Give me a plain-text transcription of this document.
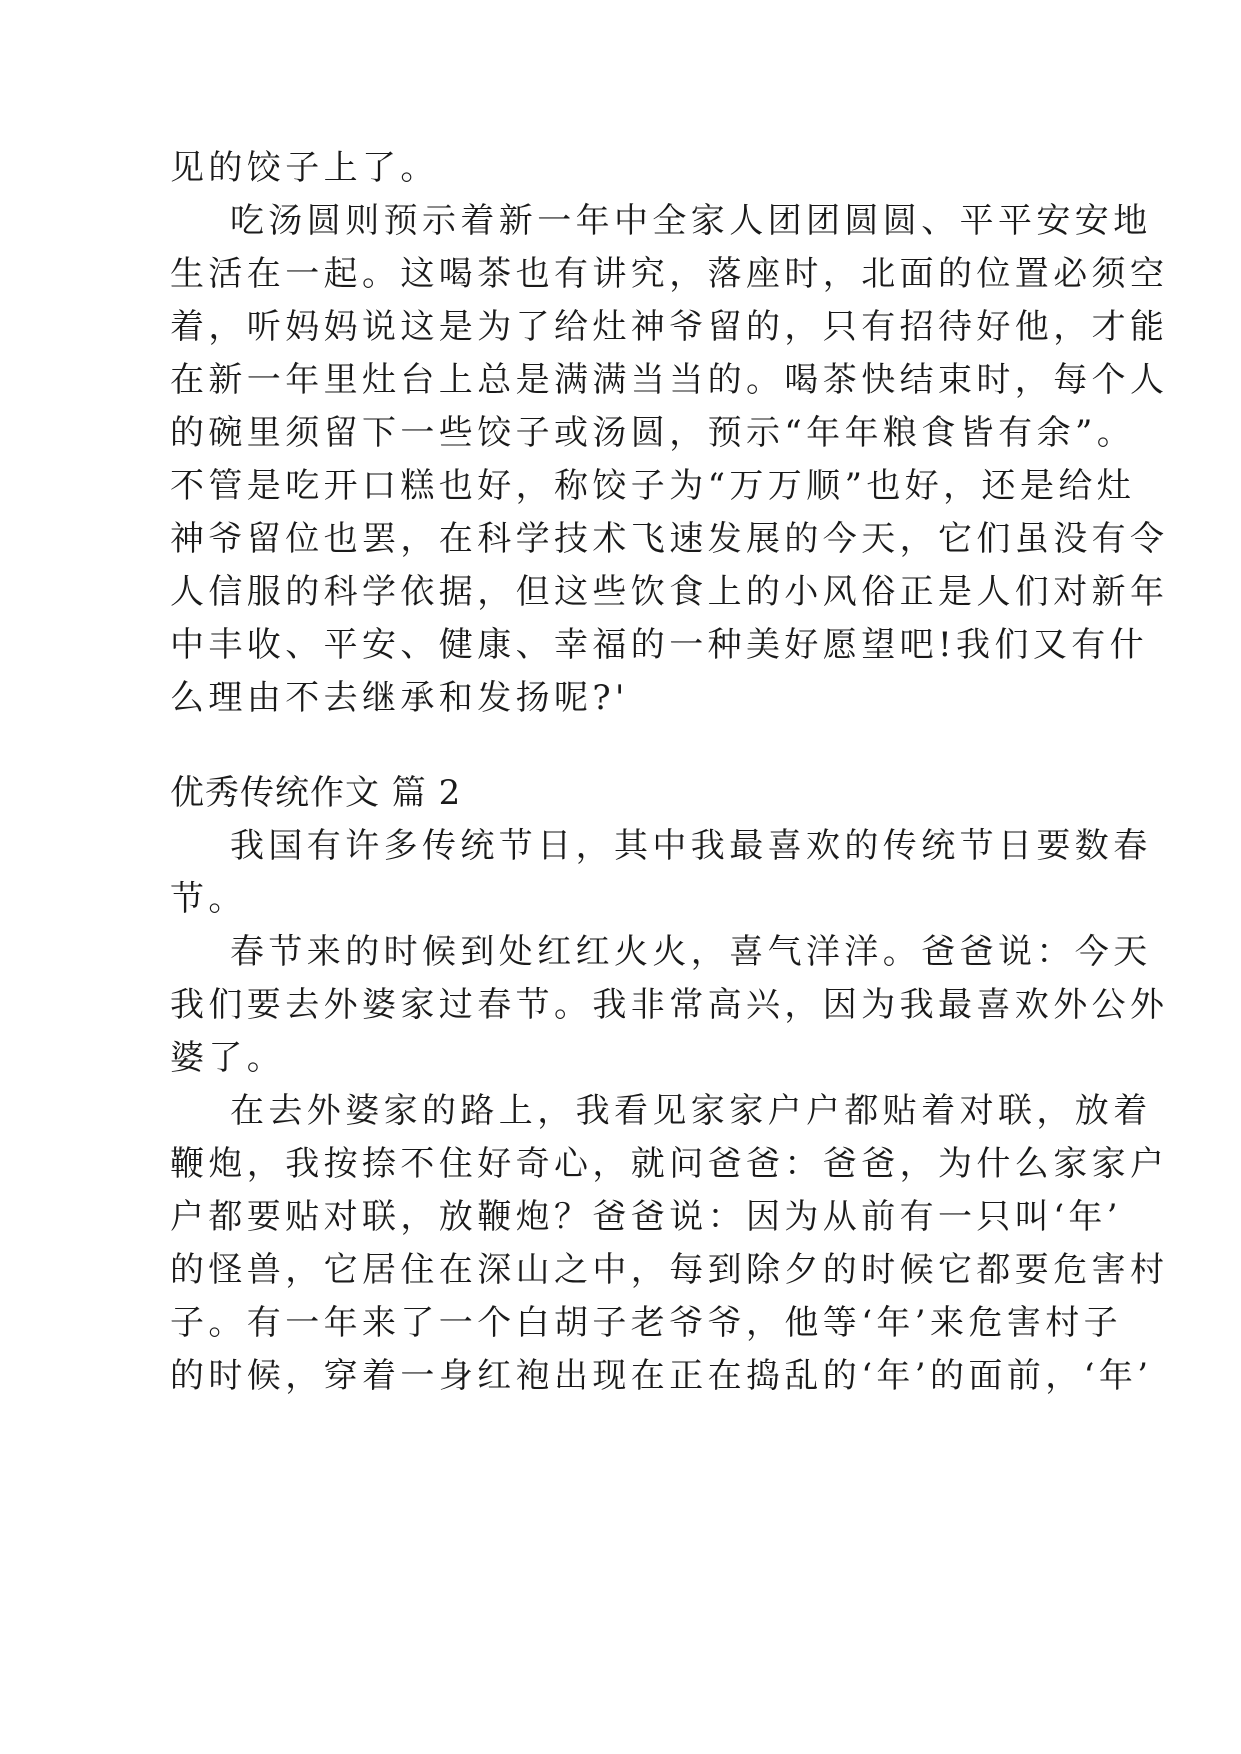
见的饺子上了。
吃汤圆则预示着新一年中全家人团团圆圆、平平安安地
生活在一起。这喝茶也有讲究，落座时，北面的位置必须空
着，听妈妈说这是为了给灶神爷留的，只有招待好他，才能
在新一年里灶台上总是满满当当的。喝茶快结束时，每个人
的碗里须留下一些饺子或汤圆，预示“年年粮食皆有余”。
不管是吃开口糕也好，称饺子为“万万顺”也好，还是给灶
神爷留位也罢，在科学技术飞速发展的今天，它们虽没有令
人信服的科学依据，但这些饮食上的小风俗正是人们对新年
中丰收、平安、健康、幸福的一种美好愿望吧!我们又有什
么理由不去继承和发扬呢?'
优秀传统作文 篇 2
我国有许多传统节日，其中我最喜欢的传统节日要数春
节。
春节来的时候到处红红火火，喜气洋洋。爸爸说：今天
我们要去外婆家过春节。我非常高兴，因为我最喜欢外公外
婆了。
在去外婆家的路上，我看见家家户户都贴着对联，放着
鞭炮，我按捺不住好奇心，就问爸爸：爸爸，为什么家家户
户都要贴对联，放鞭炮？爸爸说：因为从前有一只叫‘年’
的怪兽，它居住在深山之中，每到除夕的时候它都要危害村
子。有一年来了一个白胡子老爷爷，他等‘年’来危害村子
的时候，穿着一身红袍出现在正在捣乱的‘年’的面前，‘年’
